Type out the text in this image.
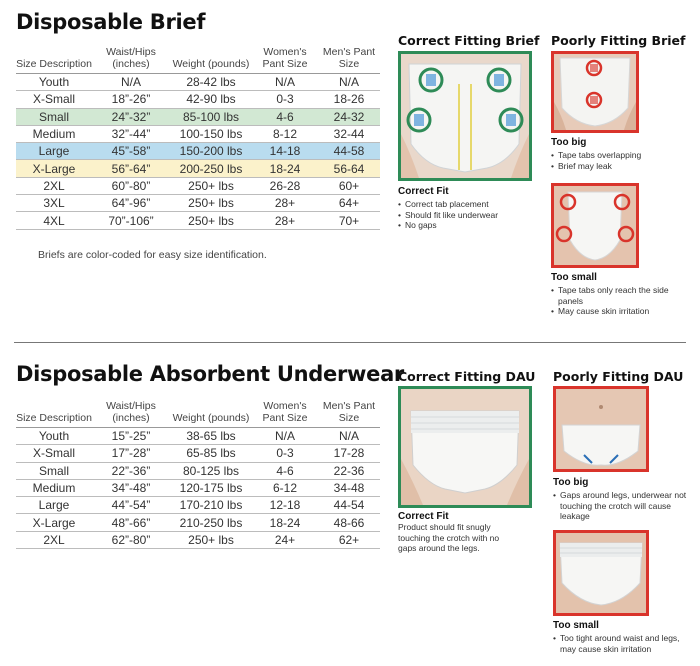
Disposable Brief
Size Description	Waist/Hips (inches)	Weight (pounds)	Women's Pant Size	Men's Pant Size
Youth	N/A	28-42 lbs	N/A	N/A
X-Small	18”-26”	42-90 lbs	0-3	18-26
Small	24”-32”	85-100 lbs	4-6	24-32
Medium	32”-44”	100-150 lbs	8-12	32-44
Large	45”-58”	150-200 lbs	14-18	44-58
X-Large	56”-64”	200-250 lbs	18-24	56-64
2XL	60”-80”	250+ lbs	26-28	60+
3XL	64”-96”	250+ lbs	28+	64+
4XL	70”-106”	250+ lbs	28+	70+
Briefs are color-coded for easy size identification.
Correct Fitting Brief
Correct Fit
• Correct tab placement
• Should fit like underwear
• No gaps
Poorly Fitting Brief
Too big
• Tape tabs overlapping
• Brief may leak
Too small
• Tape tabs only reach the side panels
• May cause skin irritation
Disposable Absorbent Underwear
Size Description	Waist/Hips (inches)	Weight (pounds)	Women's Pant Size	Men's Pant Size
Youth	15”-25”	38-65 lbs	N/A	N/A
X-Small	17”-28”	65-85 lbs	0-3	17-28
Small	22”-36”	80-125 lbs	4-6	22-36
Medium	34”-48”	120-175 lbs	6-12	34-48
Large	44”-54”	170-210 lbs	12-18	44-54
X-Large	48”-66”	210-250 lbs	18-24	48-66
2XL	62”-80”	250+ lbs	24+	62+
Correct Fitting DAU
Correct Fit
Product should fit snugly touching the crotch with no gaps around the legs.
Poorly Fitting DAU
Too big
• Gaps around legs, underwear not touching the crotch will cause leakage
Too small
• Too tight around waist and legs, may cause skin irritation
